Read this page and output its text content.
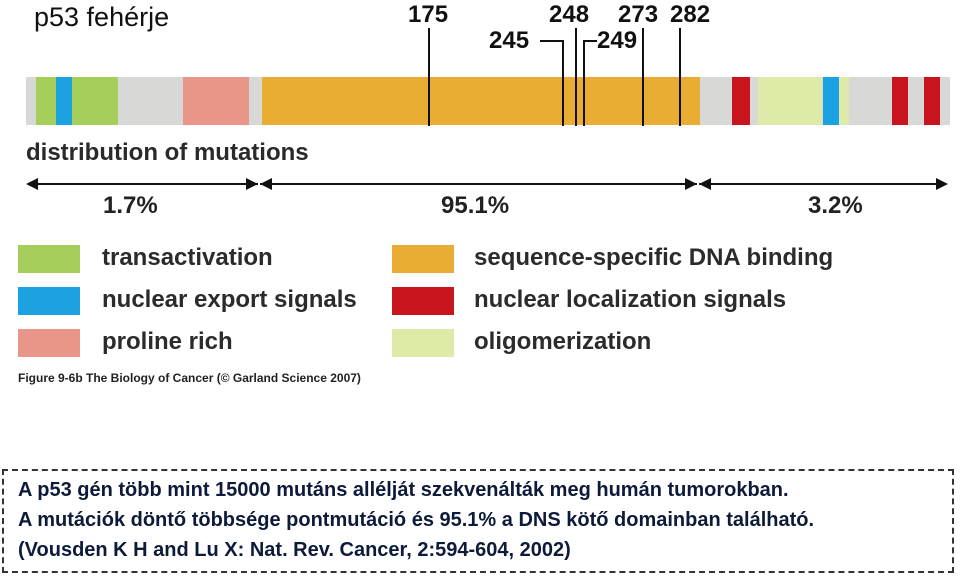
p53 fehérje	175
245
248
249
273 282
distribution of mutations
1.7%	95.1%	3.2%
transactivation
nuclear export signals
proline rich
sequence-specific DNA binding
nuclear localization signals
oligomerization
Figure 9-6b The Biology of Cancer (© Garland Science 2007)
A p53 gén több mint 15000 mutáns allélját szekvenálták meg humán tumorokban.
A mutációk döntő többsége pontmutáció és 95.1% a DNS kötő domainban található.
(Vousden K H and Lu X: Nat. Rev. Cancer, 2:594-604, 2002)
